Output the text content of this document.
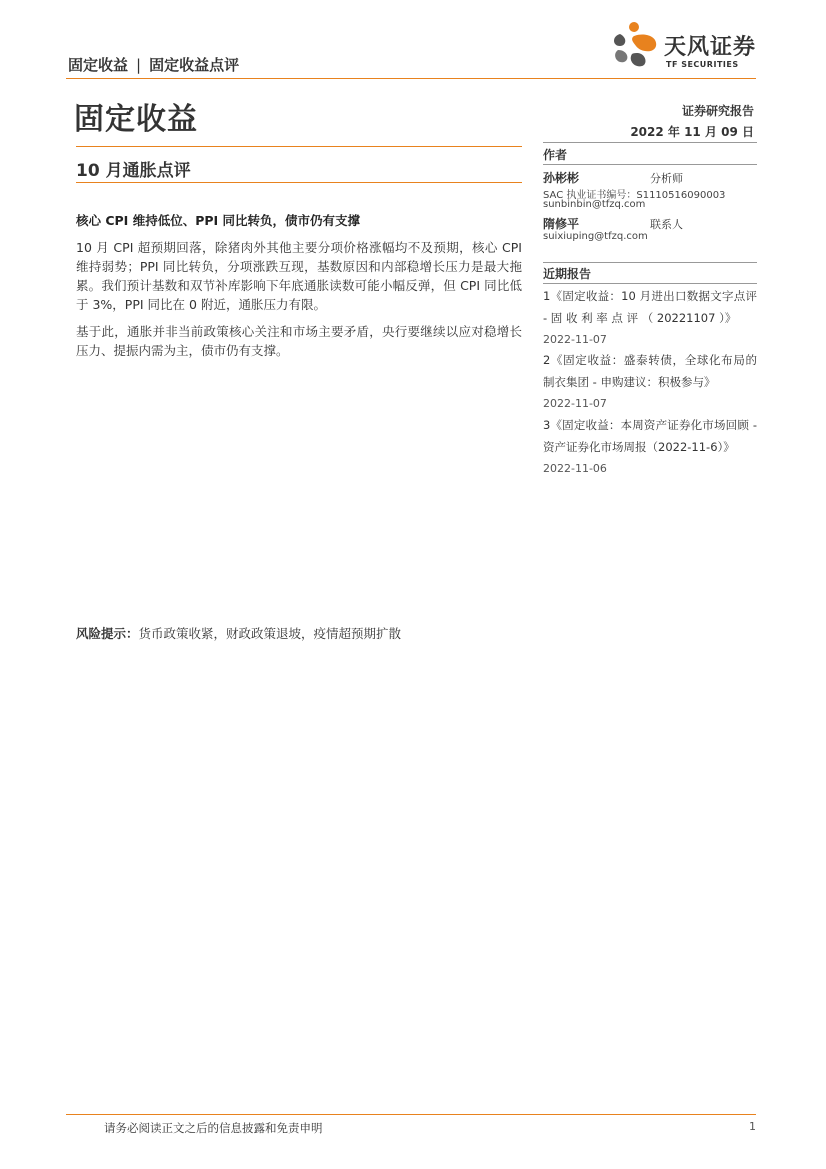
固定收益 | 固定收益点评
天风证券
TF SECURITIES
固定收益	证券研究报告
2022 年 11 月 09 日
10 月通胀点评
核心 CPI 维持低位、PPI 同比转负，债市仍有支撑
10 月 CPI 超预期回落，除猪肉外其他主要分项价格涨幅均不及预期，核心 CPI 维持弱势；PPI 同比转负，分项涨跌互现，基数原因和内部稳增长压力是最大拖累。我们预计基数和双节补库影响下年底通胀读数可能小幅反弹，但 CPI 同比低于 3%，PPI 同比在 0 附近，通胀压力有限。
基于此，通胀并非当前政策核心关注和市场主要矛盾，央行要继续以应对稳增长压力、提振内需为主，债市仍有支撑。
风险提示：货币政策收紧，财政政策退坡，疫情超预期扩散
作者
孙彬彬	分析师
SAC 执业证书编号：S1110516090003
sunbinbin@tfzq.com
隋修平	联系人
suixiuping@tfzq.com
近期报告
1《固定收益：10 月进出口数据文字点评 - 固 收 利 率 点 评 （ 20221107 ）》
2022-11-07
2《固定收益：盛泰转债，全球化布局的制衣集团 - 申购建议：积极参与》
2022-11-07
3《固定收益：本周资产证券化市场回顾 - 资产证券化市场周报（2022-11-6）》
2022-11-06
请务必阅读正文之后的信息披露和免责申明	1
